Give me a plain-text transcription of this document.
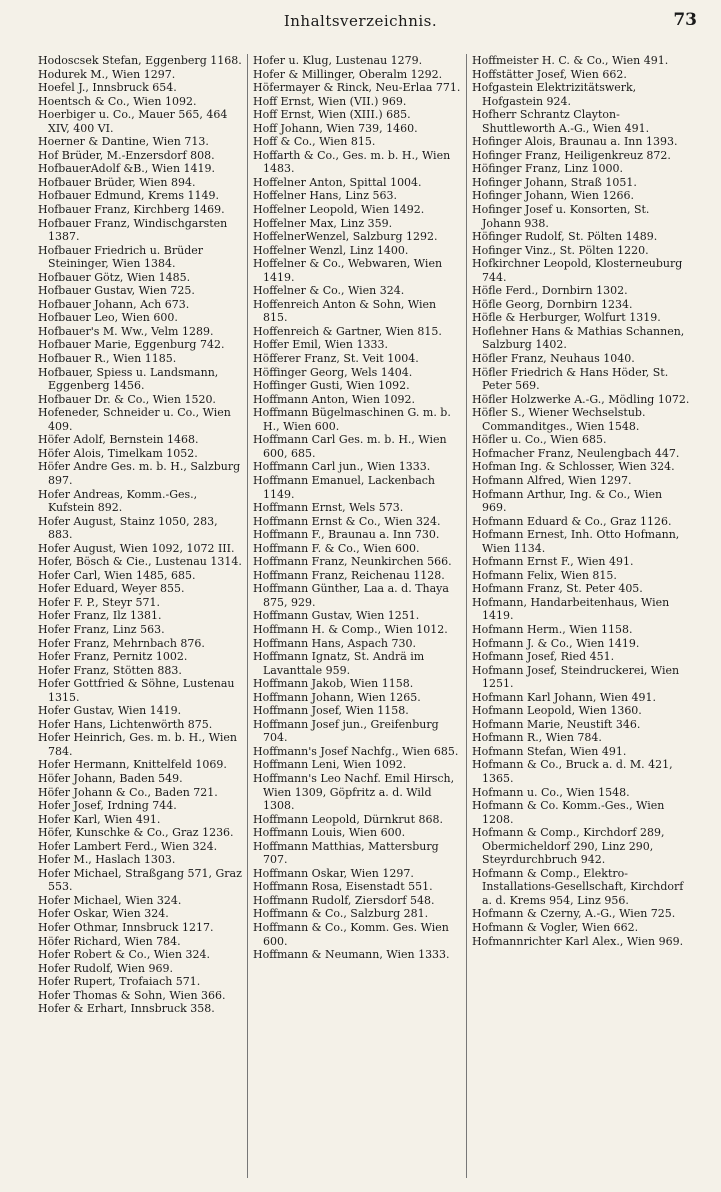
Inhaltsverzeichnis.	73
Hodoscsek Stefan, Eggenberg 1168.
Hodurek M., Wien 1297.
Hoefel J., Innsbruck 654.
Hoentsch & Co., Wien 1092.
Hoerbiger u. Co., Mauer 565, 464 XIV, 400 VI.
Hoerner & Dantine, Wien 713.
Hof Brüder, M.-Enzersdorf 808.
HofbauerAdolf &B., Wien 1419.
Hofbauer Brüder, Wien 894.
Hofbauer Edmund, Krems 1149.
Hofbauer Franz, Kirchberg 1469.
Hofbauer Franz, Windischgarsten 1387.
Hofbauer Friedrich u. Brüder Steininger, Wien 1384.
Hofbauer Götz, Wien 1485.
Hofbauer Gustav, Wien 725.
Hofbauer Johann, Ach 673.
Hofbauer Leo, Wien 600.
Hofbauer's M. Ww., Velm 1289.
Hofbauer Marie, Eggenburg 742.
Hofbauer R., Wien 1185.
Hofbauer, Spiess u. Landsmann, Eggenberg 1456.
Hofbauer Dr. & Co., Wien 1520.
Hofeneder, Schneider u. Co., Wien 409.
Höfer Adolf, Bernstein 1468.
Höfer Alois, Timelkam 1052.
Höfer Andre Ges. m. b. H., Salzburg 897.
Hofer Andreas, Komm.-Ges., Kufstein 892.
Hofer August, Stainz 1050, 283, 883.
Hofer August, Wien 1092, 1072 III.
Hofer, Bösch & Cie., Lustenau 1314.
Hofer Carl, Wien 1485, 685.
Hofer Eduard, Weyer 855.
Hofer F. P., Steyr 571.
Hofer Franz, Ilz 1381.
Hofer Franz, Linz 563.
Hofer Franz, Mehrnbach 876.
Hofer Franz, Pernitz 1002.
Hofer Franz, Stötten 883.
Hofer Gottfried & Söhne, Lustenau 1315.
Hofer Gustav, Wien 1419.
Hofer Hans, Lichtenwörth 875.
Hofer Heinrich, Ges. m. b. H., Wien 784.
Hofer Hermann, Knittelfeld 1069.
Höfer Johann, Baden 549.
Höfer Johann & Co., Baden 721.
Hofer Josef, Irdning 744.
Hofer Karl, Wien 491.
Höfer, Kunschke & Co., Graz 1236.
Hofer Lambert Ferd., Wien 324.
Hofer M., Haslach 1303.
Hofer Michael, Straßgang 571, Graz 553.
Hofer Michael, Wien 324.
Hofer Oskar, Wien 324.
Hofer Othmar, Innsbruck 1217.
Höfer Richard, Wien 784.
Hofer Robert & Co., Wien 324.
Hofer Rudolf, Wien 969.
Hofer Rupert, Trofaiach 571.
Hofer Thomas & Sohn, Wien 366.
Hofer & Erhart, Innsbruck 358.
Hofer u. Klug, Lustenau 1279.
Hofer & Millinger, Oberalm 1292.
Höfermayer & Rinck, Neu-Erlaa 771.
Hoff Ernst, Wien (VII.) 969.
Hoff Ernst, Wien (XIII.) 685.
Hoff Johann, Wien 739, 1460.
Hoff & Co., Wien 815.
Hoffarth & Co., Ges. m. b. H., Wien 1483.
Hoffelner Anton, Spittal 1004.
Hoffelner Hans, Linz 563.
Hoffelner Leopold, Wien 1492.
Hoffelner Max, Linz 359.
HoffelnerWenzel, Salzburg 1292.
Hoffelner Wenzl, Linz 1400.
Hoffelner & Co., Webwaren, Wien 1419.
Hoffelner & Co., Wien 324.
Hoffenreich Anton & Sohn, Wien 815.
Hoffenreich & Gartner, Wien 815.
Hoffer Emil, Wien 1333.
Höfferer Franz, St. Veit 1004.
Höffinger Georg, Wels 1404.
Hoffinger Gusti, Wien 1092.
Hoffmann Anton, Wien 1092.
Hoffmann Bügelmaschinen G. m. b. H., Wien 600.
Hoffmann Carl Ges. m. b. H., Wien 600, 685.
Hoffmann Carl jun., Wien 1333.
Hoffmann Emanuel, Lackenbach 1149.
Hoffmann Ernst, Wels 573.
Hoffmann Ernst & Co., Wien 324.
Hoffmann F., Braunau a. Inn 730.
Hoffmann F. & Co., Wien 600.
Hoffmann Franz, Neunkirchen 566.
Hoffmann Franz, Reichenau 1128.
Hoffmann Günther, Laa a. d. Thaya 875, 929.
Hoffmann Gustav, Wien 1251.
Hoffmann H. & Comp., Wien 1012.
Hoffmann Hans, Aspach 730.
Hoffmann Ignatz, St. Andrä im Lavanttale 959.
Hoffmann Jakob, Wien 1158.
Hoffmann Johann, Wien 1265.
Hoffmann Josef, Wien 1158.
Hoffmann Josef jun., Greifenburg 704.
Hoffmann's Josef Nachfg., Wien 685.
Hoffmann Leni, Wien 1092.
Hoffmann's Leo Nachf. Emil Hirsch, Wien 1309, Göpfritz a. d. Wild 1308.
Hoffmann Leopold, Dürnkrut 868.
Hoffmann Louis, Wien 600.
Hoffmann Matthias, Mattersburg 707.
Hoffmann Oskar, Wien 1297.
Hoffmann Rosa, Eisenstadt 551.
Hoffmann Rudolf, Ziersdorf 548.
Hoffmann & Co., Salzburg 281.
Hoffmann & Co., Komm. Ges. Wien 600.
Hoffmann & Neumann, Wien 1333.
Hoffmeister H. C. & Co., Wien 491.
Hoffstätter Josef, Wien 662.
Hofgastein Elektrizitätswerk, Hofgastein 924.
Hofherr Schrantz Clayton-Shuttleworth A.-G., Wien 491.
Hofinger Alois, Braunau a. Inn 1393.
Hofinger Franz, Heiligenkreuz 872.
Höfinger Franz, Linz 1000.
Hofinger Johann, Straß 1051.
Hofinger Johann, Wien 1266.
Hofinger Josef u. Konsorten, St. Johann 938.
Höfinger Rudolf, St. Pölten 1489.
Hofinger Vinz., St. Pölten 1220.
Hofkirchner Leopold, Klosterneuburg 744.
Höfle Ferd., Dornbirn 1302.
Höfle Georg, Dornbirn 1234.
Höfle & Herburger, Wolfurt 1319.
Hoflehner Hans & Mathias Schannen, Salzburg 1402.
Höfler Franz, Neuhaus 1040.
Höfler Friedrich & Hans Höder, St. Peter 569.
Höfler Holzwerke A.-G., Mödling 1072.
Höfler S., Wiener Wechselstub. Commanditges., Wien 1548.
Höfler u. Co., Wien 685.
Hofmacher Franz, Neulengbach 447.
Hofman Ing. & Schlosser, Wien 324.
Hofmann Alfred, Wien 1297.
Hofmann Arthur, Ing. & Co., Wien 969.
Hofmann Eduard & Co., Graz 1126.
Hofmann Ernest, Inh. Otto Hofmann, Wien 1134.
Hofmann Ernst F., Wien 491.
Hofmann Felix, Wien 815.
Hofmann Franz, St. Peter 405.
Hofmann, Handarbeitenhaus, Wien 1419.
Hofmann Herm., Wien 1158.
Hofmann J. & Co., Wien 1419.
Hofmann Josef, Ried 451.
Hofmann Josef, Steindruckerei, Wien 1251.
Hofmann Karl Johann, Wien 491.
Hofmann Leopold, Wien 1360.
Hofmann Marie, Neustift 346.
Hofmann R., Wien 784.
Hofmann Stefan, Wien 491.
Hofmann & Co., Bruck a. d. M. 421, 1365.
Hofmann u. Co., Wien 1548.
Hofmann & Co. Komm.-Ges., Wien 1208.
Hofmann & Comp., Kirchdorf 289, Obermicheldorf 290, Linz 290, Steyrdurchbruch 942.
Hofmann & Comp., Elektro-Installations-Gesellschaft, Kirchdorf a. d. Krems 954, Linz 956.
Hofmann & Czerny, A.-G., Wien 725.
Hofmann & Vogler, Wien 662.
Hofmannrichter Karl Alex., Wien 969.
